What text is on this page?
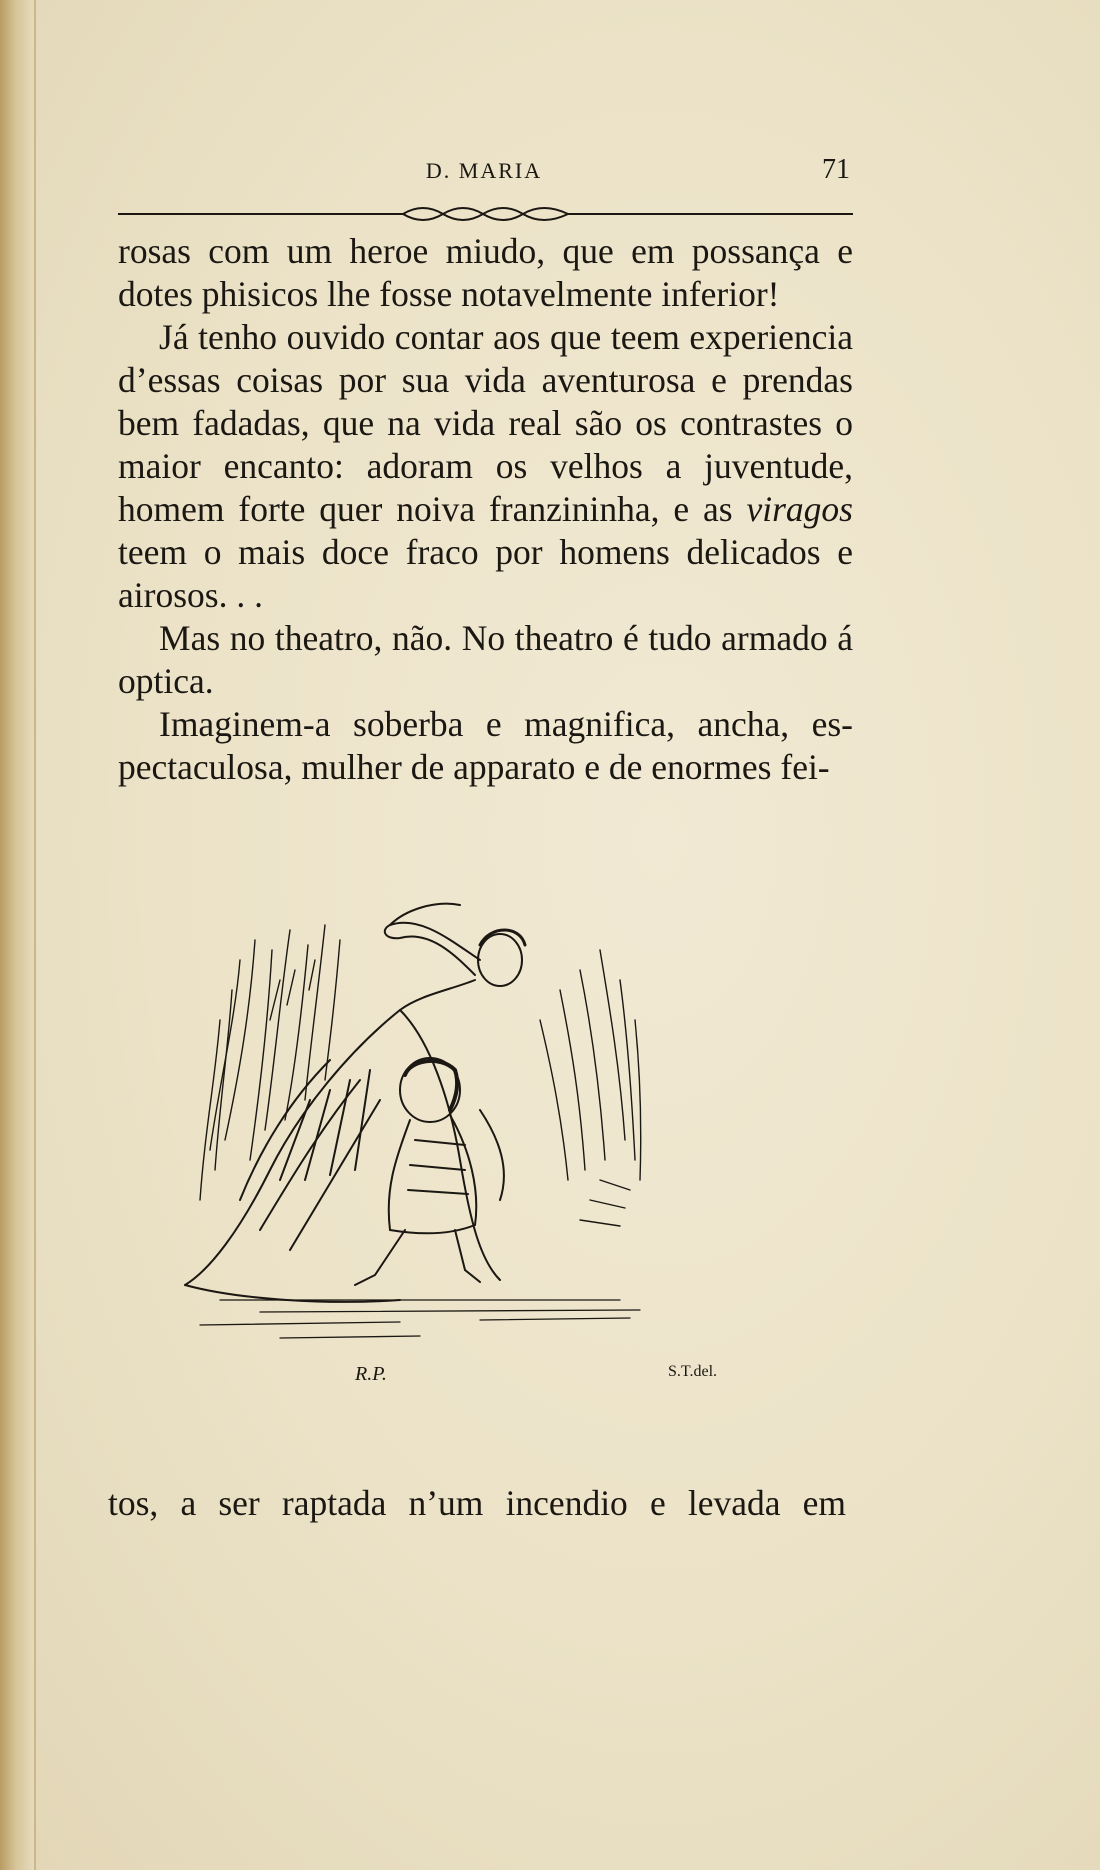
D. MARIA	71

rosas com um heroe miudo, que em possança e dotes phisicos lhe fosse notavelmente inferior!

Já tenho ouvido contar aos que teem experiencia d’essas coisas por sua vida aventurosa e prendas bem fadadas, que na vida real são os contrastes o maior encanto: adoram os velhos a juventude, homem forte quer noiva franzininha, e as viragos teem o mais doce fraco por homens delicados e airosos. . .

Mas no theatro, não. No theatro é tudo armado á optica.

Imaginem-a soberba e magnifica, ancha, espectaculosa, mulher de apparato e de enormes fei-

R.P.	S.T.del.
tos, a ser raptada n’um incendio e levada em
